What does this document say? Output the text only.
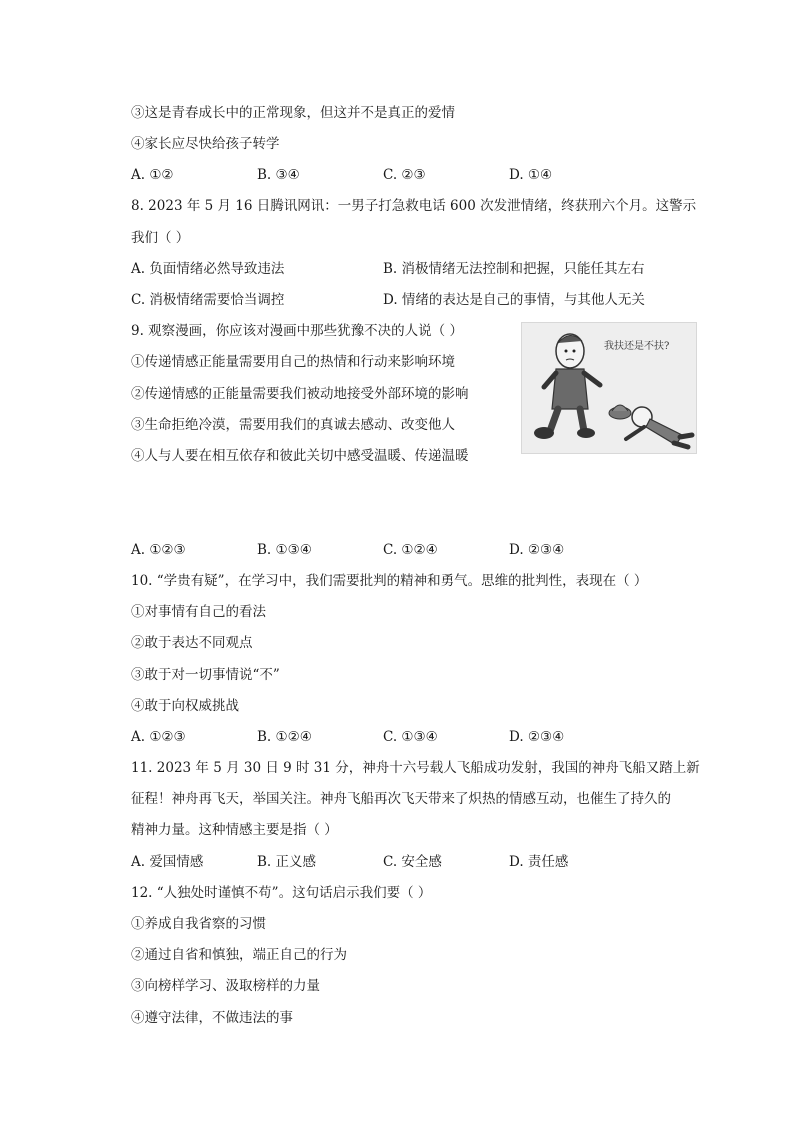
③这是青春成长中的正常现象，但这并不是真正的爱情
④家长应尽快给孩子转学
A. ①②	B. ③④	C. ②③	D. ①④
8. 2023 年 5 月 16 日腾讯网讯：一男子打急救电话 600 次发泄情绪，终获刑六个月。这警示
我们（ ）
A. 负面情绪必然导致违法	B. 消极情绪无法控制和把握，只能任其左右
C. 消极情绪需要恰当调控	D. 情绪的表达是自己的事情，与其他人无关
9. 观察漫画，你应该对漫画中那些犹豫不决的人说（ ）
①传递情感正能量需要用自己的热情和行动来影响环境
②传递情感的正能量需要我们被动地接受外部环境的影响
③生命拒绝冷漠，需要用我们的真诚去感动、改变他人
④人与人要在相互依存和彼此关切中感受温暖、传递温暖
我扶还是不扶?
A. ①②③	B. ①③④	C. ①②④	D. ②③④
10. “学贵有疑”，在学习中，我们需要批判的精神和勇气。思维的批判性，表现在（ ）
①对事情有自己的看法
②敢于表达不同观点
③敢于对一切事情说“不”
④敢于向权威挑战
A. ①②③	B. ①②④	C. ①③④	D. ②③④
11. 2023 年 5 月 30 日 9 时 31 分，神舟十六号载人飞船成功发射，我国的神舟飞船又踏上新
征程！神舟再飞天，举国关注。神舟飞船再次飞天带来了炽热的情感互动，也催生了持久的
精神力量。这种情感主要是指（ ）
A. 爱国情感	B. 正义感	C. 安全感	D. 责任感
12. “人独处时谨慎不苟”。这句话启示我们要（ ）
①养成自我省察的习惯
②通过自省和慎独，端正自己的行为
③向榜样学习、汲取榜样的力量
④遵守法律，不做违法的事
